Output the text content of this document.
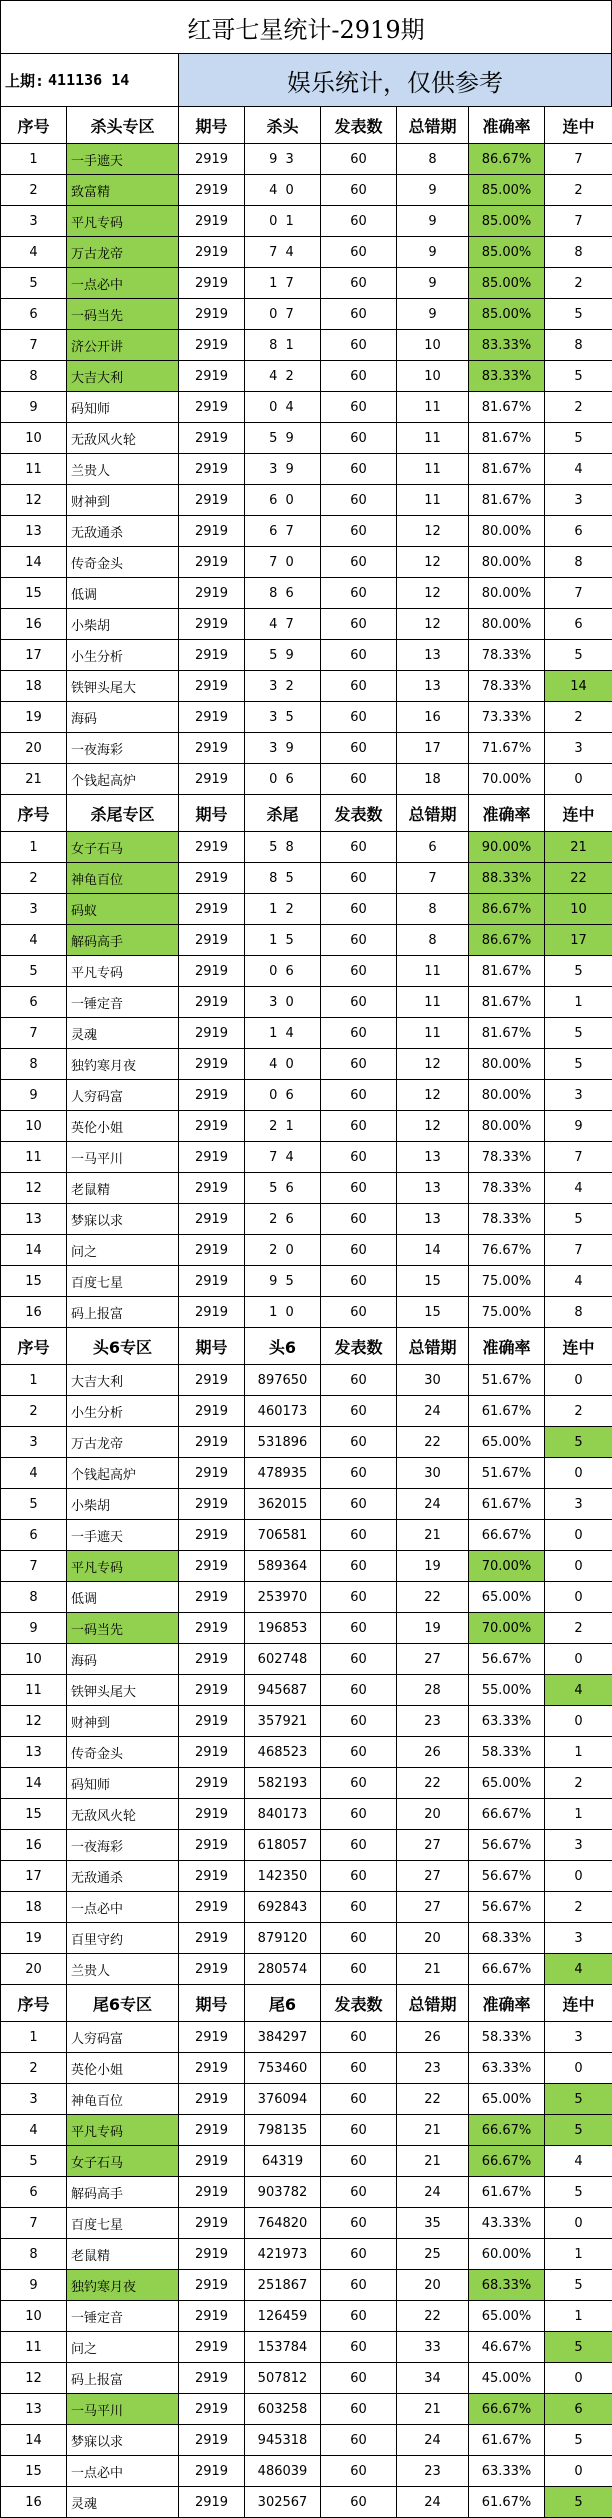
红哥七星统计-2919期
上期: 411136 14	娱乐统计，仅供参考
序号	杀头专区	期号	杀头	发表数	总错期	准确率	连中
1	一手遮天	2919	9 3	60	8	86.67%	7
2	致富精	2919	4 0	60	9	85.00%	2
3	平凡专码	2919	0 1	60	9	85.00%	7
4	万古龙帝	2919	7 4	60	9	85.00%	8
5	一点必中	2919	1 7	60	9	85.00%	2
6	一码当先	2919	0 7	60	9	85.00%	5
7	济公开讲	2919	8 1	60	10	83.33%	8
8	大吉大利	2919	4 2	60	10	83.33%	5
9	码知师	2919	0 4	60	11	81.67%	2
10	无敌风火轮	2919	5 9	60	11	81.67%	5
11	兰贵人	2919	3 9	60	11	81.67%	4
12	财神到	2919	6 0	60	11	81.67%	3
13	无敌通杀	2919	6 7	60	12	80.00%	6
14	传奇金头	2919	7 0	60	12	80.00%	8
15	低调	2919	8 6	60	12	80.00%	7
16	小柴胡	2919	4 7	60	12	80.00%	6
17	小生分析	2919	5 9	60	13	78.33%	5
18	铁钾头尾大	2919	3 2	60	13	78.33%	14
19	海码	2919	3 5	60	16	73.33%	2
20	一夜海彩	2919	3 9	60	17	71.67%	3
21	个钱起高炉	2919	0 6	60	18	70.00%	0
序号	杀尾专区	期号	杀尾	发表数	总错期	准确率	连中
1	女子石马	2919	5 8	60	6	90.00%	21
2	神龟百位	2919	8 5	60	7	88.33%	22
3	码蚁	2919	1 2	60	8	86.67%	10
4	解码高手	2919	1 5	60	8	86.67%	17
5	平凡专码	2919	0 6	60	11	81.67%	5
6	一锤定音	2919	3 0	60	11	81.67%	1
7	灵魂	2919	1 4	60	11	81.67%	5
8	独钓寒月夜	2919	4 0	60	12	80.00%	5
9	人穷码富	2919	0 6	60	12	80.00%	3
10	英伦小姐	2919	2 1	60	12	80.00%	9
11	一马平川	2919	7 4	60	13	78.33%	7
12	老鼠精	2919	5 6	60	13	78.33%	4
13	梦寐以求	2919	2 6	60	13	78.33%	5
14	问之	2919	2 0	60	14	76.67%	7
15	百度七星	2919	9 5	60	15	75.00%	4
16	码上报富	2919	1 0	60	15	75.00%	8
序号	头6专区	期号	头6	发表数	总错期	准确率	连中
1	大吉大利	2919	897650	60	30	51.67%	0
2	小生分析	2919	460173	60	24	61.67%	2
3	万古龙帝	2919	531896	60	22	65.00%	5
4	个钱起高炉	2919	478935	60	30	51.67%	0
5	小柴胡	2919	362015	60	24	61.67%	3
6	一手遮天	2919	706581	60	21	66.67%	0
7	平凡专码	2919	589364	60	19	70.00%	0
8	低调	2919	253970	60	22	65.00%	0
9	一码当先	2919	196853	60	19	70.00%	2
10	海码	2919	602748	60	27	56.67%	0
11	铁钾头尾大	2919	945687	60	28	55.00%	4
12	财神到	2919	357921	60	23	63.33%	0
13	传奇金头	2919	468523	60	26	58.33%	1
14	码知师	2919	582193	60	22	65.00%	2
15	无敌风火轮	2919	840173	60	20	66.67%	1
16	一夜海彩	2919	618057	60	27	56.67%	3
17	无敌通杀	2919	142350	60	27	56.67%	0
18	一点必中	2919	692843	60	27	56.67%	2
19	百里守约	2919	879120	60	20	68.33%	3
20	兰贵人	2919	280574	60	21	66.67%	4
序号	尾6专区	期号	尾6	发表数	总错期	准确率	连中
1	人穷码富	2919	384297	60	26	58.33%	3
2	英伦小姐	2919	753460	60	23	63.33%	0
3	神龟百位	2919	376094	60	22	65.00%	5
4	平凡专码	2919	798135	60	21	66.67%	5
5	女子石马	2919	64319	60	21	66.67%	4
6	解码高手	2919	903782	60	24	61.67%	5
7	百度七星	2919	764820	60	35	43.33%	0
8	老鼠精	2919	421973	60	25	60.00%	1
9	独钓寒月夜	2919	251867	60	20	68.33%	5
10	一锤定音	2919	126459	60	22	65.00%	1
11	问之	2919	153784	60	33	46.67%	5
12	码上报富	2919	507812	60	34	45.00%	0
13	一马平川	2919	603258	60	21	66.67%	6
14	梦寐以求	2919	945318	60	24	61.67%	5
15	一点必中	2919	486039	60	23	63.33%	0
16	灵魂	2919	302567	60	24	61.67%	5
